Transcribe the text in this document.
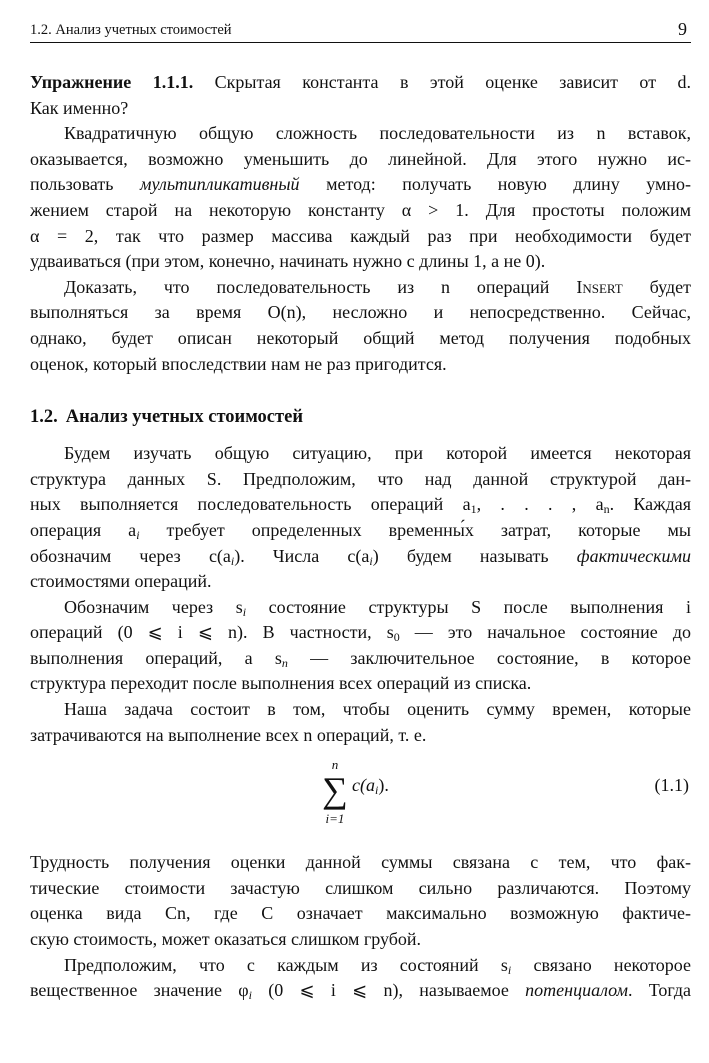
1.2. Анализ учетных стоимостей	9
Упражнение 1.1.1. Скрытая константа в этой оценке зависит от d.
Как именно?
Квадратичную общую сложность последовательности из n вставок,
оказывается, возможно уменьшить до линейной. Для этого нужно ис-
пользовать мультипликативный метод: получать новую длину умно-
жением старой на некоторую константу α > 1. Для простоты положим
α = 2, так что размер массива каждый раз при необходимости будет
удваиваться (при этом, конечно, начинать нужно с длины 1, а не 0).
Доказать, что последовательность из n операций Insert будет
выполняться за время O(n), несложно и непосредственно. Сейчас,
однако, будет описан некоторый общий метод получения подобных
оценок, который впоследствии нам не раз пригодится.
1.2. Анализ учетных стоимостей
Будем изучать общую ситуацию, при которой имеется некоторая
структура данных S. Предположим, что над данной структурой дан-
ных выполняется последовательность операций $a_1$, . . . , $a_n$. Каждая
операция $a_i$ требует определенных временны́х затрат, которые мы
обозначим через $c(a_i)$. Числа $c(a_i)$ будем называть фактическими
стоимостями операций.
Обозначим через $s_i$ состояние структуры S после выполнения i
операций (0 ⩽ i ⩽ n). В частности, $s_0$ — это начальное состояние до
выполнения операций, а $s_n$ — заключительное состояние, в которое
структура переходит после выполнения всех операций из списка.
Наша задача состоит в том, чтобы оценить сумму времен, которые
затрачиваются на выполнение всех n операций, т. е.
n
∑
i=1
$c(a_i)$.	(1.1)
Трудность получения оценки данной суммы связана с тем, что фак-
тические стоимости зачастую слишком сильно различаются. Поэтому
оценка вида Cn, где C означает максимально возможную фактиче-
скую стоимость, может оказаться слишком грубой.
Предположим, что с каждым из состояний $s_i$ связано некоторое
вещественное значение $\varphi_i$ (0 ⩽ i ⩽ n), называемое потенциалом. Тогда
